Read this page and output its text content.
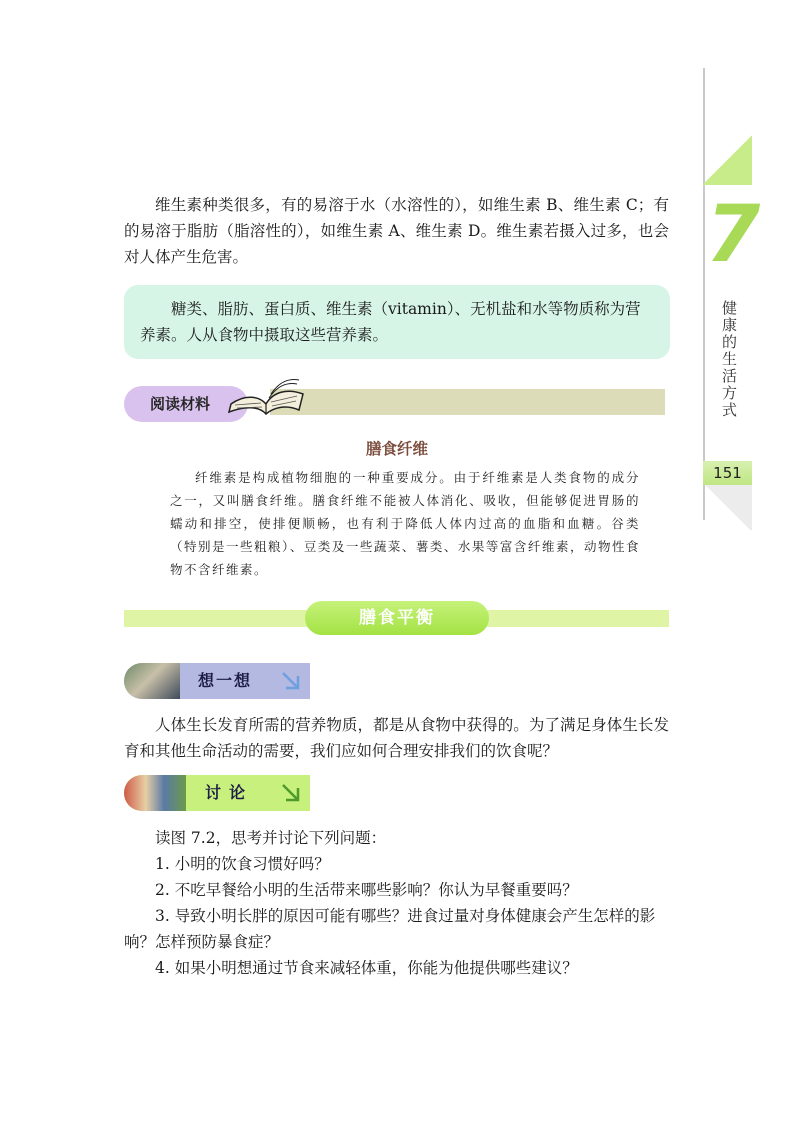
7
健康的生活方式
151

维生素种类很多，有的易溶于水（水溶性的），如维生素 B、维生素 C；有的易溶于脂肪（脂溶性的），如维生素 A、维生素 D。维生素若摄入过多，也会对人体产生危害。

糖类、脂肪、蛋白质、维生素（vitamin）、无机盐和水等物质称为营养素。人从食物中摄取这些营养素。

阅读材料
膳食纤维

纤维素是构成植物细胞的一种重要成分。由于纤维素是人类食物的成分之一，又叫膳食纤维。膳食纤维不能被人体消化、吸收，但能够促进胃肠的蠕动和排空，使排便顺畅，也有利于降低人体内过高的血脂和血糖。谷类（特别是一些粗粮）、豆类及一些蔬菜、薯类、水果等富含纤维素，动物性食物不含纤维素。

膳食平衡
想一想

人体生长发育所需的营养物质，都是从食物中获得的。为了满足身体生长发育和其他生命活动的需要，我们应如何合理安排我们的饮食呢？

讨论

读图 7.2，思考并讨论下列问题：

1. 小明的饮食习惯好吗？

2. 不吃早餐给小明的生活带来哪些影响？你认为早餐重要吗？

3. 导致小明长胖的原因可能有哪些？进食过量对身体健康会产生怎样的影响？怎样预防暴食症？

4. 如果小明想通过节食来减轻体重，你能为他提供哪些建议？
